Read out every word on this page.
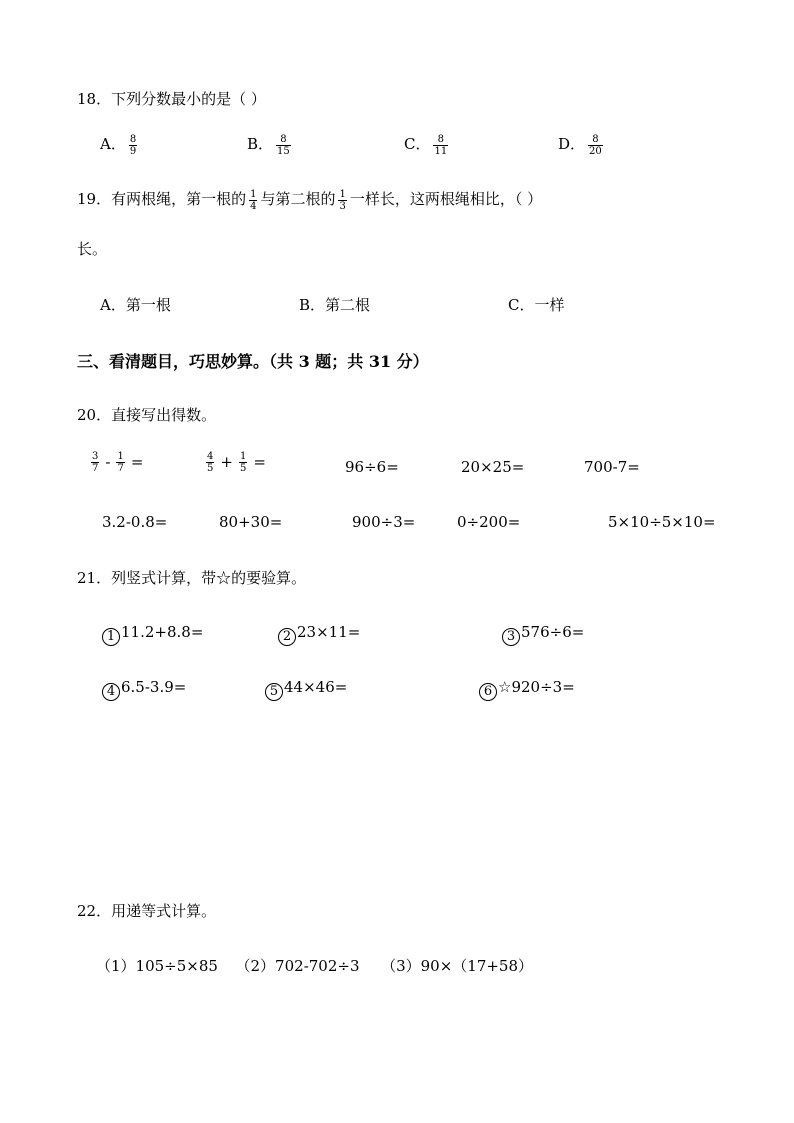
18．下列分数最小的是（ ）
A． $\frac{8}{9}$	B． $\frac{8}{15}$	C． $\frac{8}{11}$	D． $\frac{8}{20}$
19．有两根绳，第一根的 $\frac{1}{4}$ 与第二根的 $\frac{1}{3}$ 一样长，这两根绳相比，（ ）
长。
A．第一根	B．第二根	C．一样
三、看清题目，巧思妙算。（共 3 题；共 31 分）
20．直接写出得数。
$\frac{3}{7} - \frac{1}{7}$ =	$\frac{4}{5} + \frac{1}{5}$ =	96÷6=	20×25=	700-7=
3.2-0.8=	80+30=	900÷3=	0÷200=	5×10÷5×10=
21．列竖式计算，带☆的要验算。
1 11.2+8.8=	2 23×11=	3 576÷6=
4 6.5-3.9=	5 44×46=	6 ☆920÷3=
22．用递等式计算。
（1）105÷5×85 （2）702-702÷3 （3）90×（17+58）
